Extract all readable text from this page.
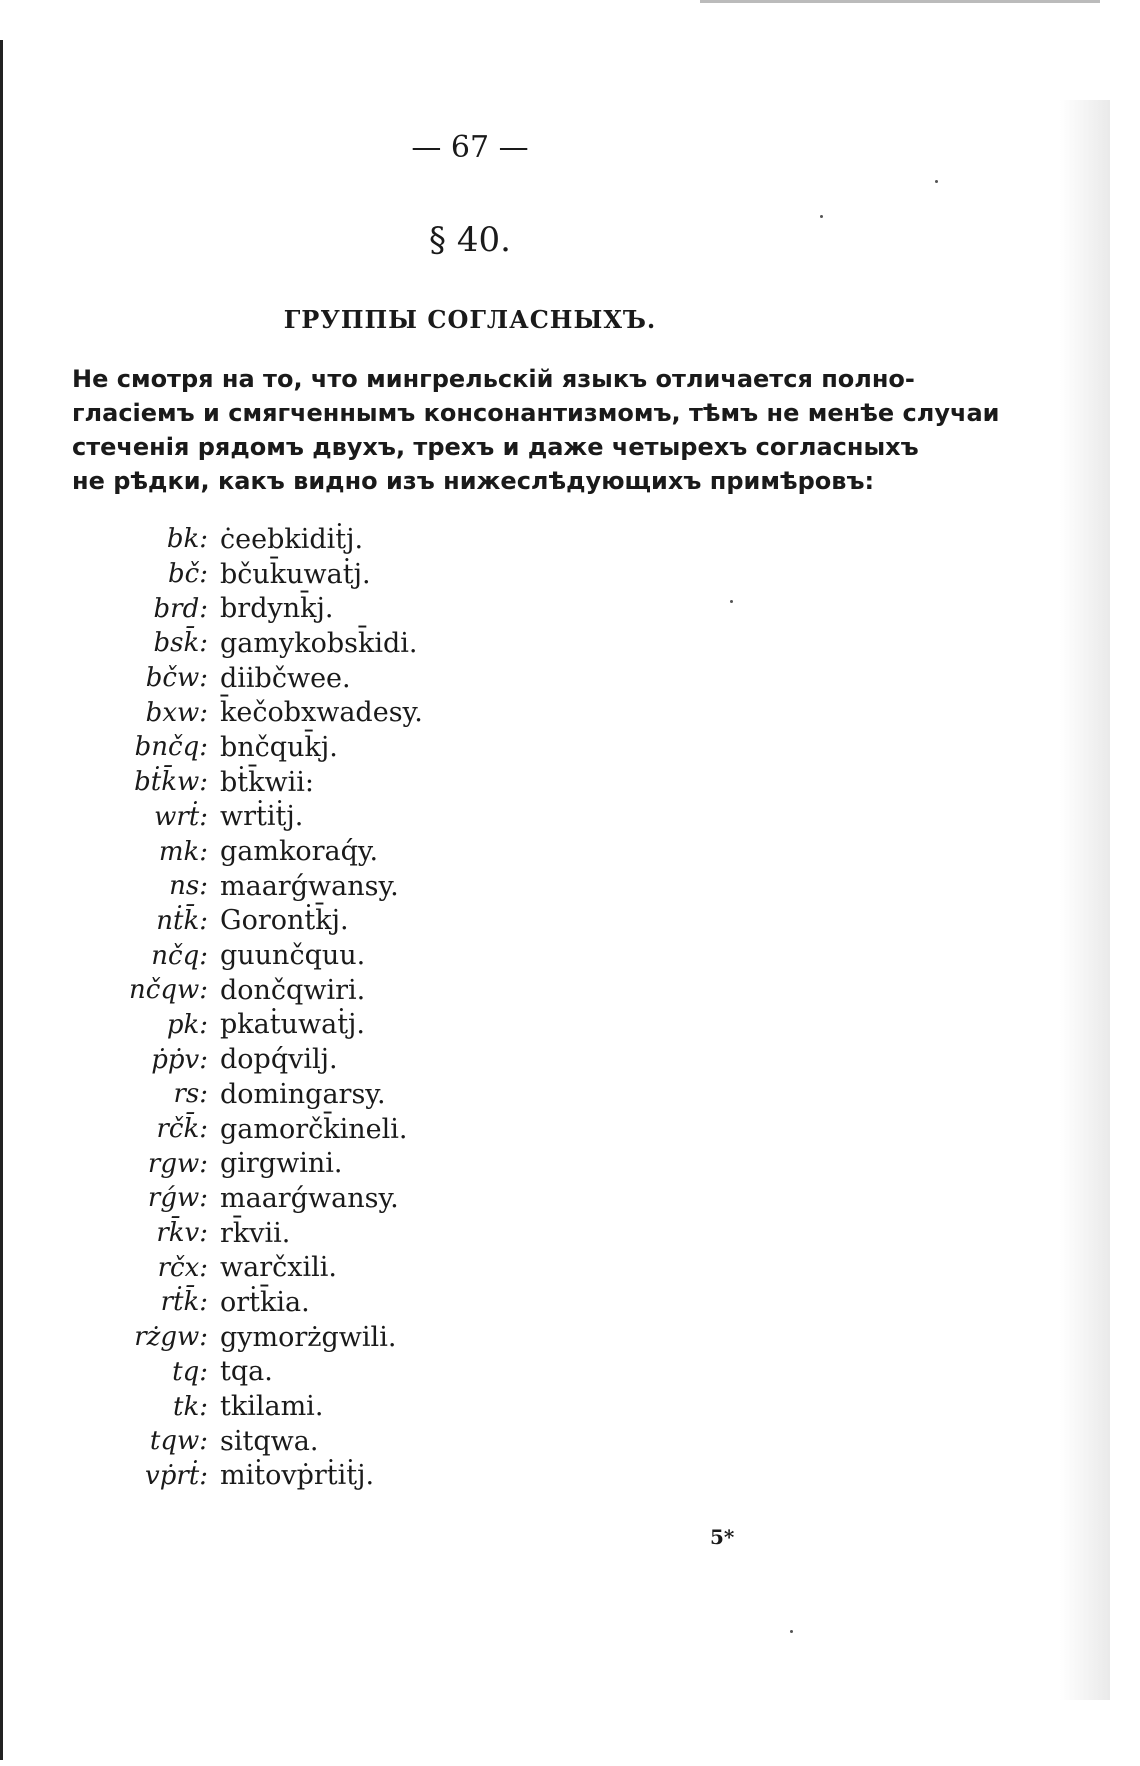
— 67 —
§ 40.
ГРУППЫ СОГЛАСНЫХЪ.
Не смотря на то, что мингрельскій языкъ отличается полно-
гласіемъ и смягченнымъ консонантизмомъ, тѣмъ не менѣе случаи
стеченія рядомъ двухъ, трехъ и даже четырехъ согласныхъ
не рѣдки, какъ видно изъ нижеслѣдующихъ примѣровъ:
bk: ċeebkidiṫj.
bč: bčuk̄uwaṫj.
brd: brdynk̄j.
bsk̄: gamykobsk̄idi.
bčw: diibčwee.
bxw: k̄ečobxwadesy.
bnčq: bnčquk̄j.
bṫk̄w: bṫk̄wii:
wrṫ: wrṫiṫj.
mk: gamkoraq́y.
ns: maarǵwansy.
nṫk̄: Goronṫk̄j.
nčq: guunčquu.
nčqw: dončqwiri.
pk: pkaṫuwaṫj.
ṗṗv: dopq́vilj.
rs: domingarsy.
rčk̄: gamorčk̄ineli.
rgw: girgwini.
rǵw: maarǵwansy.
rk̄v: rk̄vii.
rčx: warčxili.
rṫk̄: orṫk̄ia.
rżgw: gymorżgwili.
tq: tqa.
tk: tkilami.
tqw: sitqwa.
vṗrṫ: miṫovṗrṫiṫj.
5*
